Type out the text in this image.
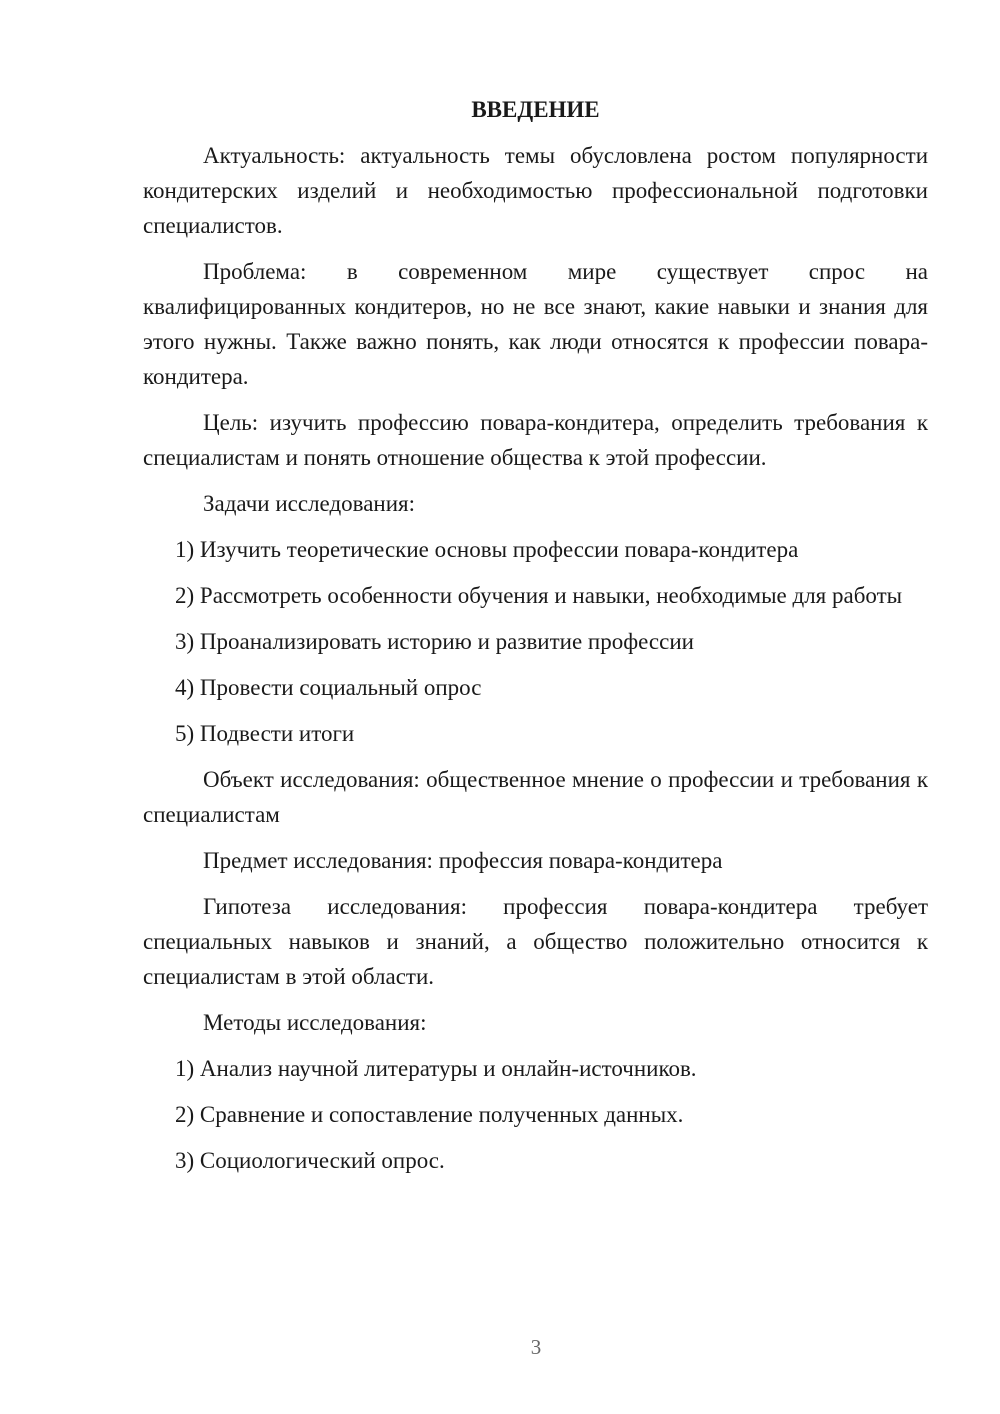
ВВЕДЕНИЕ

Актуальность: актуальность темы обусловлена ростом популярности кондитерских изделий и необходимостью профессиональной подготовки специалистов.

Проблема: в современном мире существует спрос на квалифицированных кондитеров, но не все знают, какие навыки и знания для этого нужны. Также важно понять, как люди относятся к профессии повара-кондитера.

Цель: изучить профессию повара-кондитера, определить требования к специалистам и понять отношение общества к этой профессии.

Задачи исследования:

1) Изучить теоретические основы профессии повара-кондитера

2) Рассмотреть особенности обучения и навыки, необходимые для работы

3) Проанализировать историю и развитие профессии

4) Провести социальный опрос

5) Подвести итоги

Объект исследования: общественное мнение о профессии и требования к специалистам

Предмет исследования: профессия повара-кондитера

Гипотеза исследования: профессия повара-кондитера требует специальных навыков и знаний, а общество положительно относится к специалистам в этой области.

Методы исследования:

1) Анализ научной литературы и онлайн-источников.

2) Сравнение и сопоставление полученных данных.

3) Социологический опрос.

3
